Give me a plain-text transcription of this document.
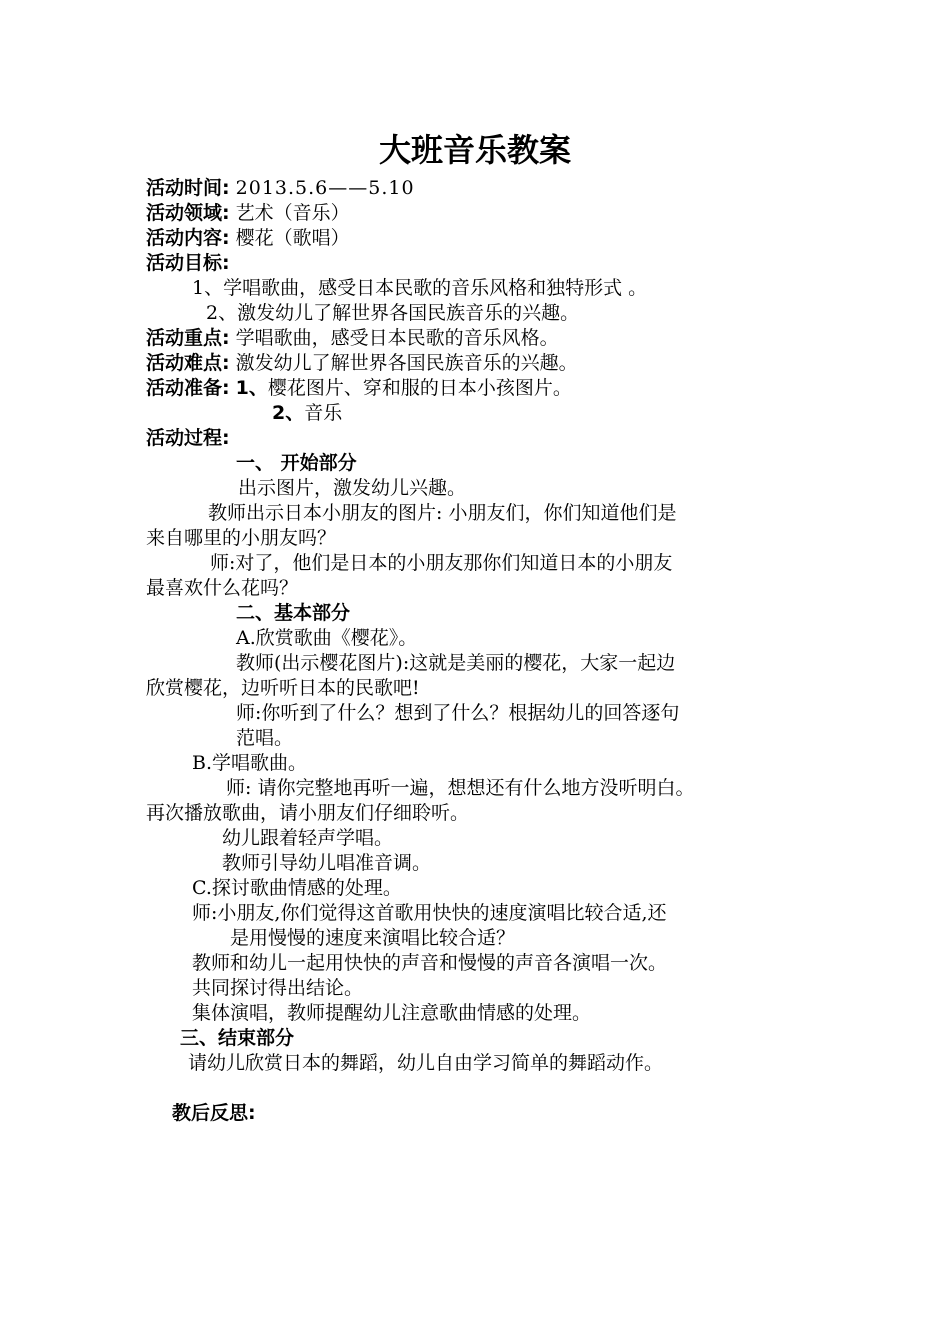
大班音乐教案
活动时间: 2013.5.6——5.10
活动领域: 艺术（音乐）
活动内容: 樱花（歌唱）
活动目标:
1、学唱歌曲，感受日本民歌的音乐风格和独特形式 。
2、激发幼儿了解世界各国民族音乐的兴趣。
活动重点: 学唱歌曲，感受日本民歌的音乐风格。
活动难点: 激发幼儿了解世界各国民族音乐的兴趣。
活动准备: 1、樱花图片、穿和服的日本小孩图片。
2、音乐
活动过程:
一、 开始部分
出示图片，激发幼儿兴趣。
教师出示日本小朋友的图片: 小朋友们，你们知道他们是
来自哪里的小朋友吗？
师:对了，他们是日本的小朋友那你们知道日本的小朋友
最喜欢什么花吗？
二、基本部分
A.欣赏歌曲《樱花》。
教师(出示樱花图片):这就是美丽的樱花，大家一起边
欣赏樱花，边听听日本的民歌吧!
师:你听到了什么？想到了什么？根据幼儿的回答逐句
范唱。
B.学唱歌曲。
师: 请你完整地再听一遍，想想还有什么地方没听明白。
再次播放歌曲，请小朋友们仔细聆听。
幼儿跟着轻声学唱。
教师引导幼儿唱准音调。
C.探讨歌曲情感的处理。
师:小朋友,你们觉得这首歌用快快的速度演唱比较合适,还
是用慢慢的速度来演唱比较合适？
教师和幼儿一起用快快的声音和慢慢的声音各演唱一次。
共同探讨得出结论。
集体演唱，教师提醒幼儿注意歌曲情感的处理。
三、结束部分
请幼儿欣赏日本的舞蹈，幼儿自由学习简单的舞蹈动作。
教后反思:
